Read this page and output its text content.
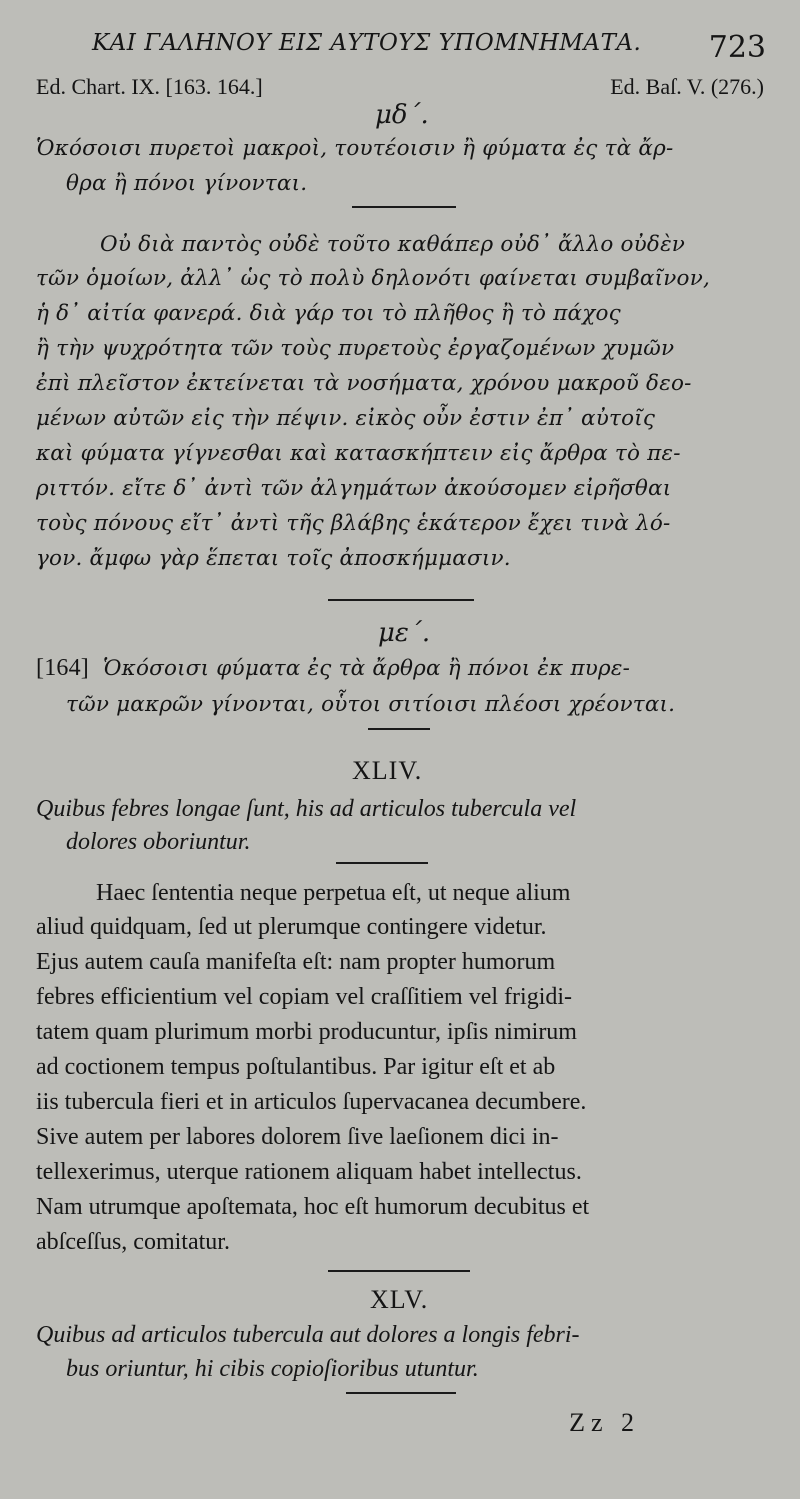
ΚΑΙ ΓΑΛΗΝΟΥ ΕΙΣ ΑΥΤΟΥΣ ΥΠΟΜΝΗΜΑΤΑ. 723
Ed. Chart. IX. [163. 164.]	Ed. Baſ. V. (276.)
μδ΄.
Ὁκόσοισι πυρετοὶ μακροὶ, τουτέοισιν ἢ φύματα ἐς τὰ ἄρ-
θρα ἢ πόνοι γίνονται.
Οὐ διὰ παντὸς οὐδὲ τοῦτο καθάπερ οὐδ᾽ ἄλλο οὐδὲν
τῶν ὁμοίων, ἀλλ᾽ ὡς τὸ πολὺ δηλονότι φαίνεται συμβαῖνον,
ἡ δ᾽ αἰτία φανερά. διὰ γάρ τοι τὸ πλῆθος ἢ τὸ πάχος
ἢ τὴν ψυχρότητα τῶν τοὺς πυρετοὺς ἐργαζομένων χυμῶν
ἐπὶ πλεῖστον ἐκτείνεται τὰ νοσήματα, χρόνου μακροῦ δεο-
μένων αὐτῶν εἰς τὴν πέψιν. εἰκὸς οὖν ἐστιν ἐπ᾽ αὐτοῖς
καὶ φύματα γίγνεσθαι καὶ κατασκήπτειν εἰς ἄρθρα τὸ πε-
ριττόν. εἴτε δ᾽ ἀντὶ τῶν ἀλγημάτων ἀκούσομεν εἰρῆσθαι
τοὺς πόνους εἴτ᾽ ἀντὶ τῆς βλάβης ἑκάτερον ἔχει τινὰ λό-
γον. ἄμφω γὰρ ἕπεται τοῖς ἀποσκήμμασιν.
με΄.
[164] Ὁκόσοισι φύματα ἐς τὰ ἄρθρα ἢ πόνοι ἐκ πυρε-
τῶν μακρῶν γίνονται, οὗτοι σιτίοισι πλέοσι χρέονται.
XLIV.
Quibus febres longae ſunt, his ad articulos tubercula vel
dolores oboriuntur.
Haec ſententia neque perpetua eſt, ut neque alium
aliud quidquam, ſed ut plerumque contingere videtur.
Ejus autem cauſa manifeſta eſt: nam propter humorum
febres efficientium vel copiam vel craſſitiem vel frigidi-
tatem quam plurimum morbi producuntur, ipſis nimirum
ad coctionem tempus poſtulantibus. Par igitur eſt et ab
iis tubercula fieri et in articulos ſupervacanea decumbere.
Sive autem per labores dolorem ſive laeſionem dici in-
tellexerimus, uterque rationem aliquam habet intellectus.
Nam utrumque apoſtemata, hoc eſt humorum decubitus et
abſceſſus, comitatur.
XLV.
Quibus ad articulos tubercula aut dolores a longis febri-
bus oriuntur, hi cibis copioſioribus utuntur.
Zz 2
